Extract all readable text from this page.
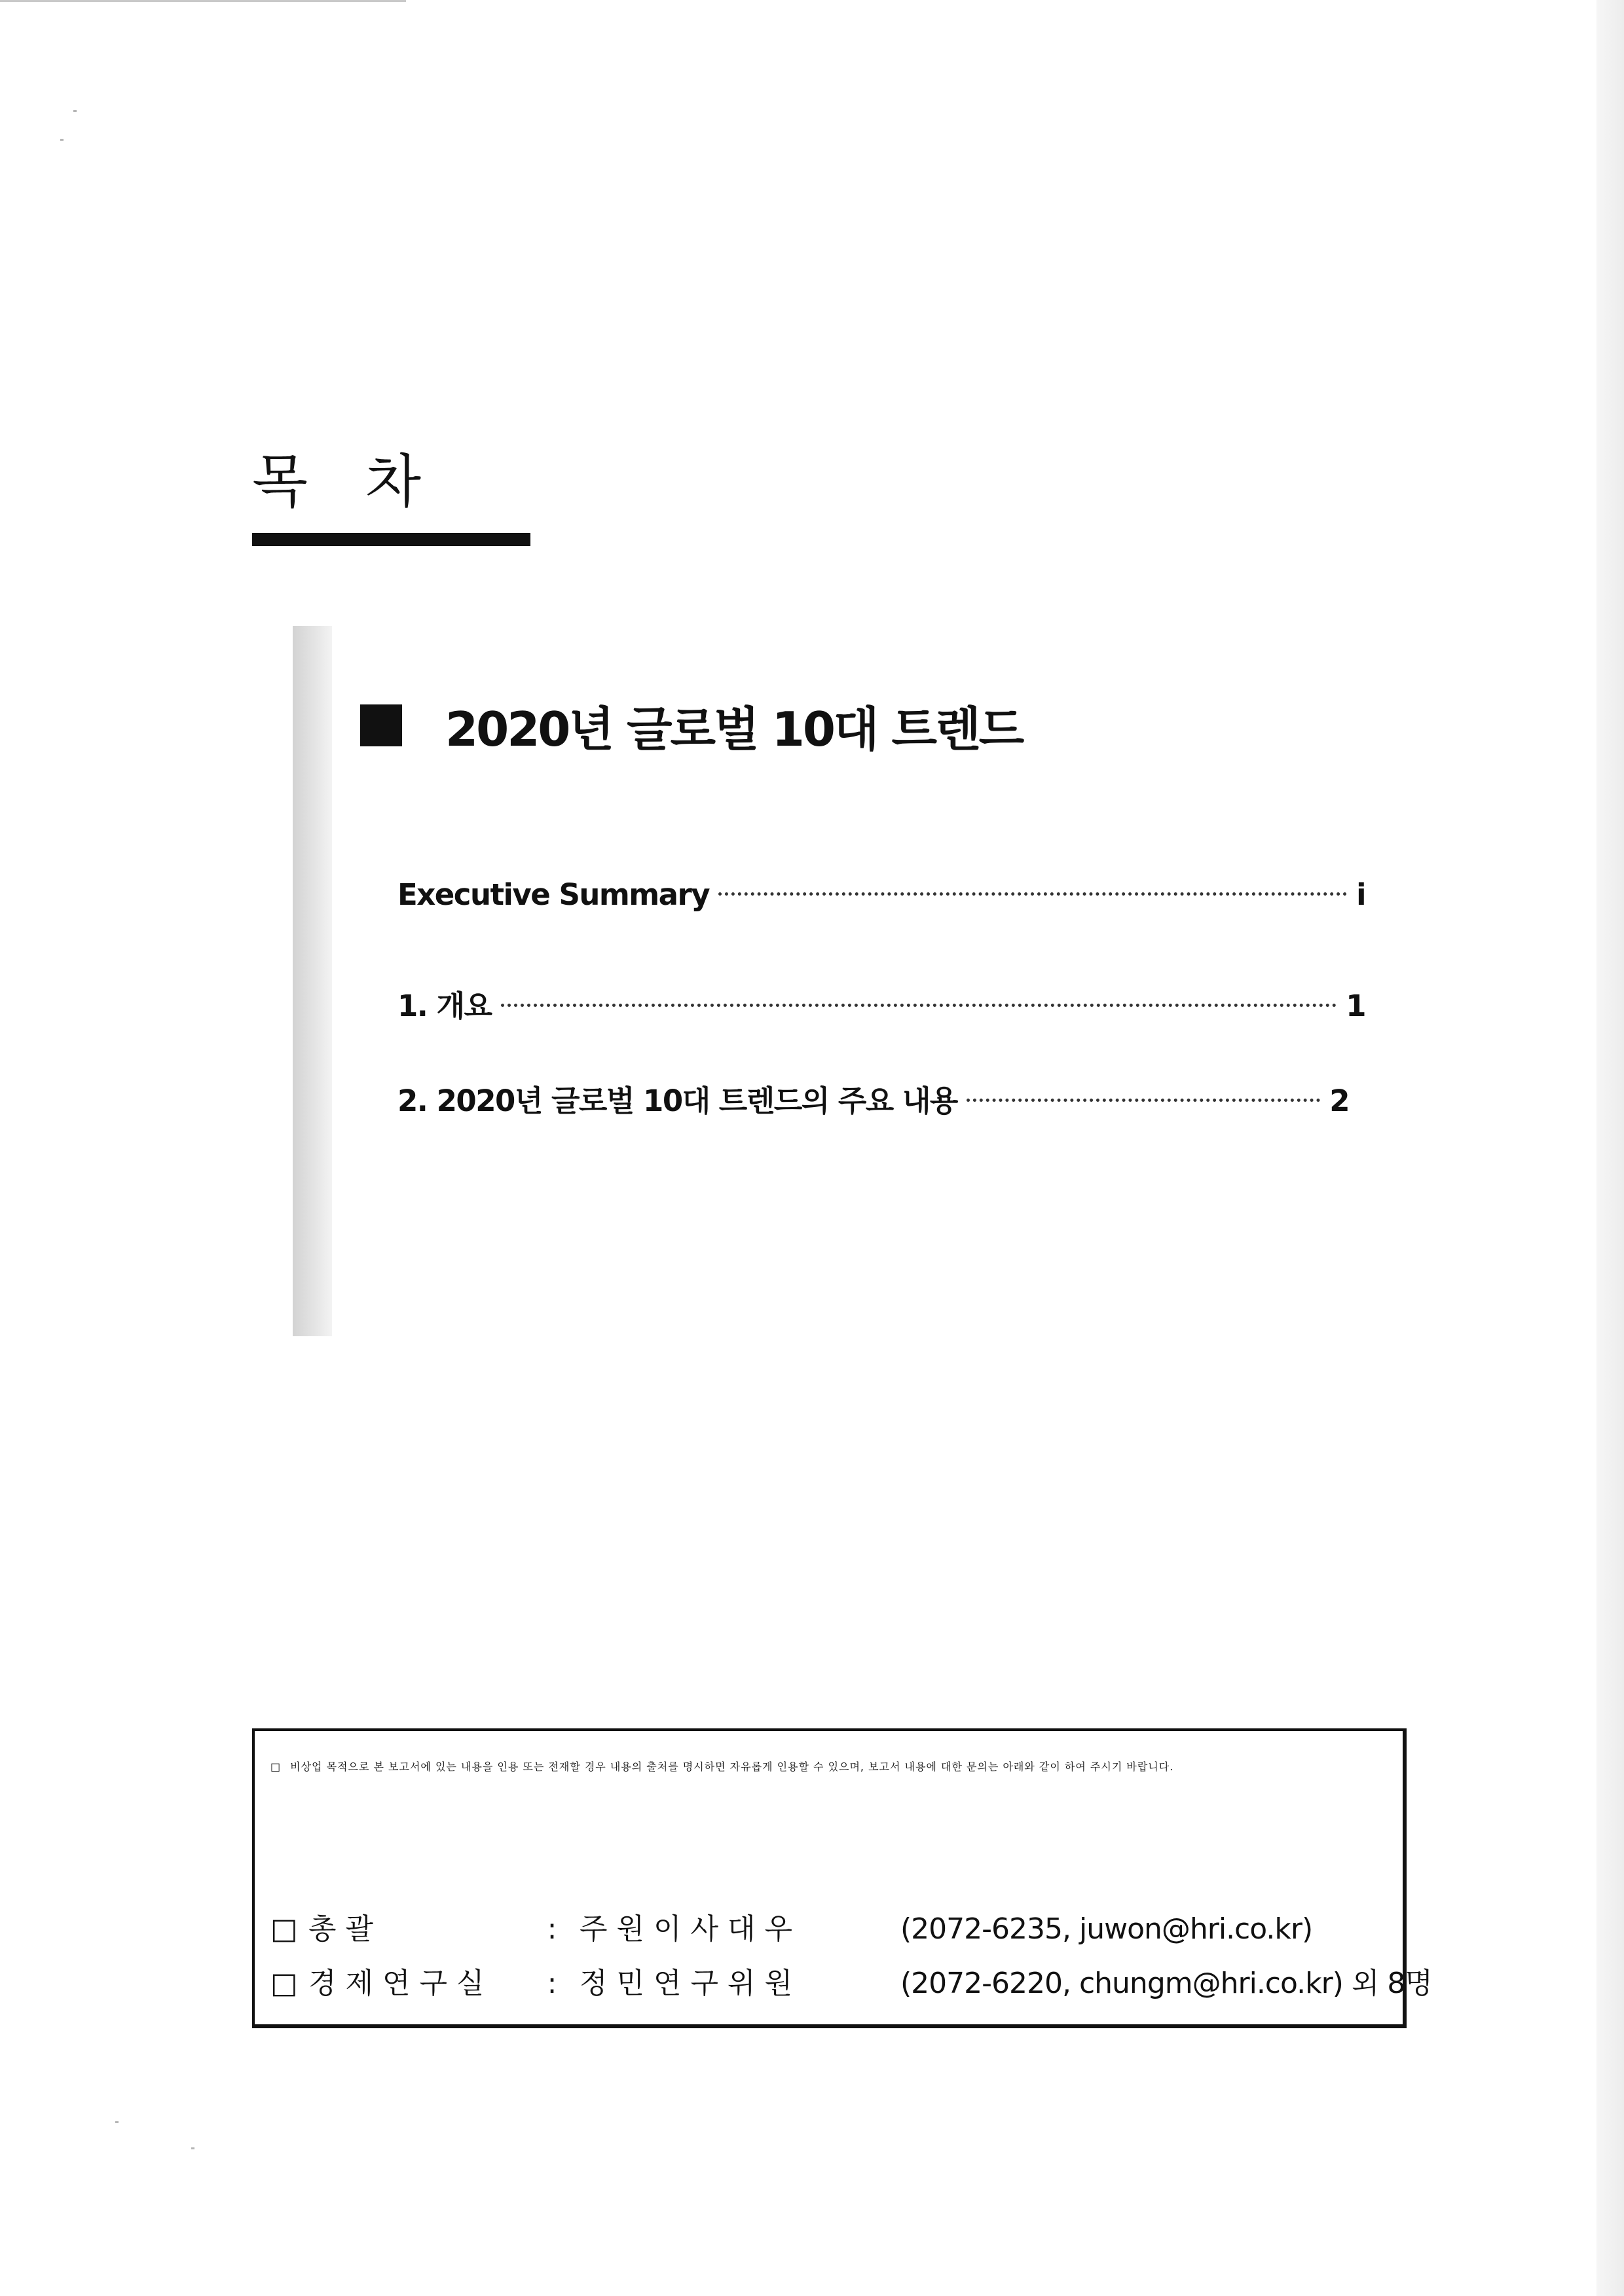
목 차
2020년 글로벌 10대 트렌드
Executive Summary	i
1. 개요	1
2. 2020년 글로벌 10대 트렌드의 주요 내용	2
□ 비상업 목적으로 본 보고서에 있는 내용을 인용 또는 전재할 경우 내용의 출처를 명시하면 자유롭게 인용할 수 있으며, 보고서 내용에 대한 문의는 아래와 같이 하여 주시기 바랍니다.
□ 총 괄	: 주 원 이 사 대 우	(2072-6235, juwon@hri.co.kr)
□ 경 제 연 구 실	: 정 민 연 구 위 원	(2072-6220, chungm@hri.co.kr) 외 8명
